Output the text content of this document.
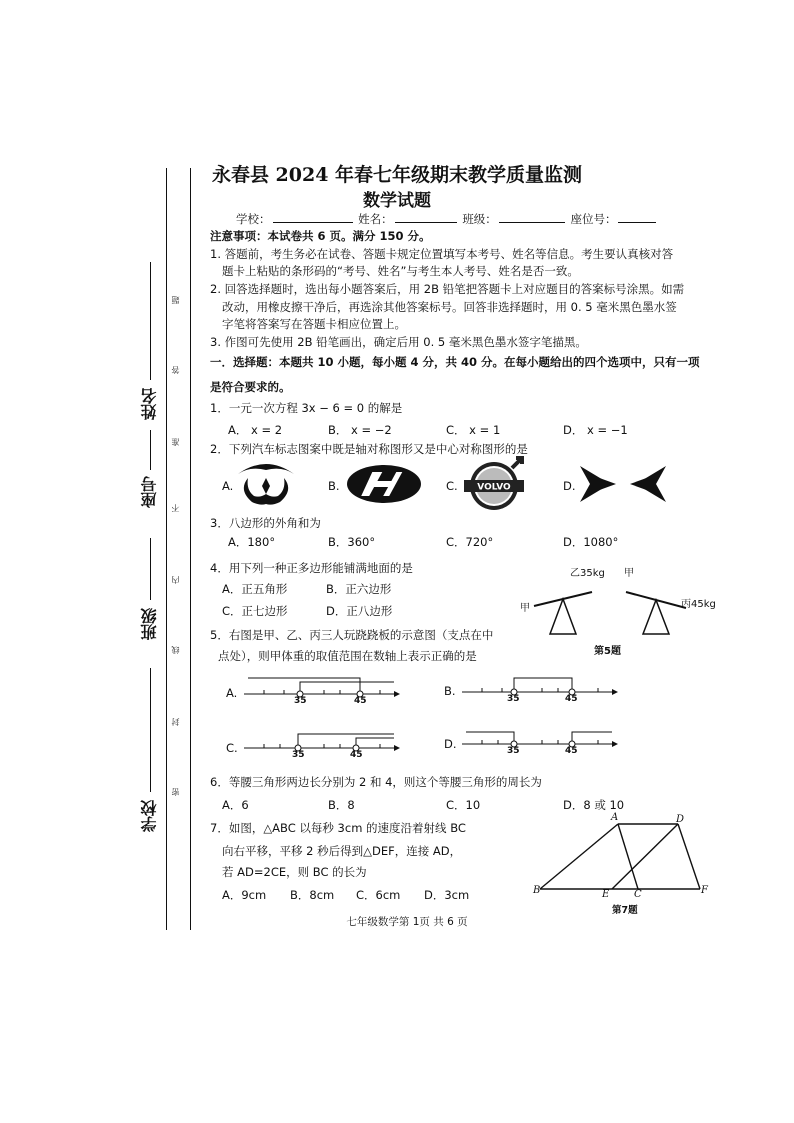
姓名
座号
班级
学校
题
答
准
不
内
线
封
密
永春县 2024 年春七年级期末教学质量监测
数学试题
学校：	姓名：	班级：	座位号：
注意事项：本试卷共 6 页。满分 150 分。
1. 答题前，考生务必在试卷、答题卡规定位置填写本考号、姓名等信息。考生要认真核对答
题卡上粘贴的条形码的“考号、姓名”与考生本人考号、姓名是否一致。
2. 回答选择题时，选出每小题答案后，用 2B 铅笔把答题卡上对应题目的答案标号涂黑。如需
改动，用橡皮擦干净后，再选涂其他答案标号。回答非选择题时，用 0. 5 毫米黑色墨水签
字笔将答案写在答题卡相应位置上。
3. 作图可先使用 2B 铅笔画出，确定后用 0. 5 毫米黑色墨水签字笔描黑。
一．选择题：本题共 10 小题，每小题 4 分，共 40 分。在每小题给出的四个选项中，只有一项
是符合要求的。
1．一元一次方程 3x − 6 = 0 的解是
A． x = 2	B． x = −2	C． x = 1	D． x = −1
2．下列汽车标志图案中既是轴对称图形又是中心对称图形的是
A.	B.	C.	D.
VOLVO
3．八边形的外角和为
A．180°	B．360°	C．720°	D．1080°
4．用下列一种正多边形能铺满地面的是
A．正五角形	B．正六边形
C．正七边形	D．正八边形
乙35kg 甲
甲	丙45kg
第5题
5．右图是甲、乙、丙三人玩跷跷板的示意图（支点在中
点处），则甲体重的取值范围在数轴上表示正确的是
A.	B.
C.	D.
35	45	35	45
35	45	35	45
6．等腰三角形两边长分别为 2 和 4，则这个等腰三角形的周长为
A．6	B．8	C．10	D．8 或 10
7．如图，△ABC 以每秒 3cm 的速度沿着射线 BC
向右平移，平移 2 秒后得到△DEF，连接 AD，
若 AD=2CE，则 BC 的长为
A．9cm B．8cm C．6cm D．3cm
A	D
B	E C	F
第7题
七年级数学第 1页 共 6 页
